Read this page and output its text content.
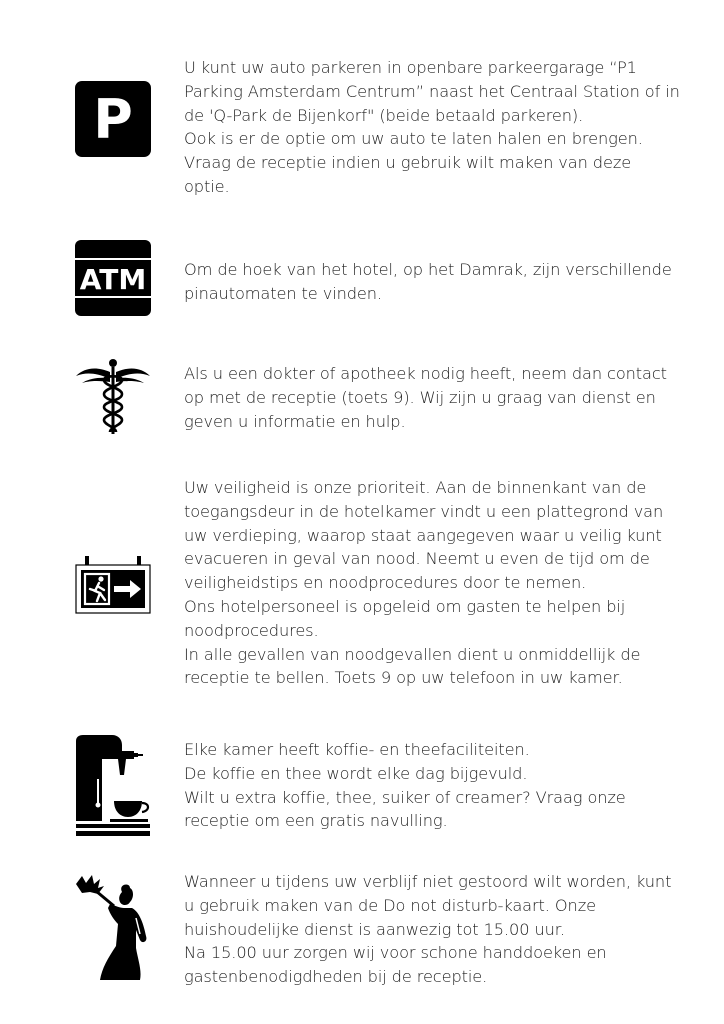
P
U kunt uw auto parkeren in openbare parkeergarage “P1
Parking Amsterdam Centrum” naast het Centraal Station of in
de 'Q-Park de Bijenkorf" (beide betaald parkeren).
Ook is er de optie om uw auto te laten halen en brengen.
Vraag de receptie indien u gebruik wilt maken van deze
optie.
ATM Om de hoek van het hotel, op het Damrak, zijn verschillende
pinautomaten te vinden.
Als u een dokter of apotheek nodig heeft, neem dan contact
op met de receptie (toets 9). Wij zijn u graag van dienst en
geven u informatie en hulp.
Uw veiligheid is onze prioriteit. Aan de binnenkant van de
toegangsdeur in de hotelkamer vindt u een plattegrond van
uw verdieping, waarop staat aangegeven waar u veilig kunt
evacueren in geval van nood. Neemt u even de tijd om de
veiligheidstips en noodprocedures door te nemen.
Ons hotelpersoneel is opgeleid om gasten te helpen bij
noodprocedures.
In alle gevallen van noodgevallen dient u onmiddellijk de
receptie te bellen. Toets 9 op uw telefoon in uw kamer.
Elke kamer heeft koffie- en theefaciliteiten.
De koffie en thee wordt elke dag bijgevuld.
Wilt u extra koffie, thee, suiker of creamer? Vraag onze
receptie om een gratis navulling.
Wanneer u tijdens uw verblijf niet gestoord wilt worden, kunt
u gebruik maken van de Do not disturb-kaart. Onze
huishoudelijke dienst is aanwezig tot 15.00 uur.
Na 15.00 uur zorgen wij voor schone handdoeken en
gastenbenodigdheden bij de receptie.
